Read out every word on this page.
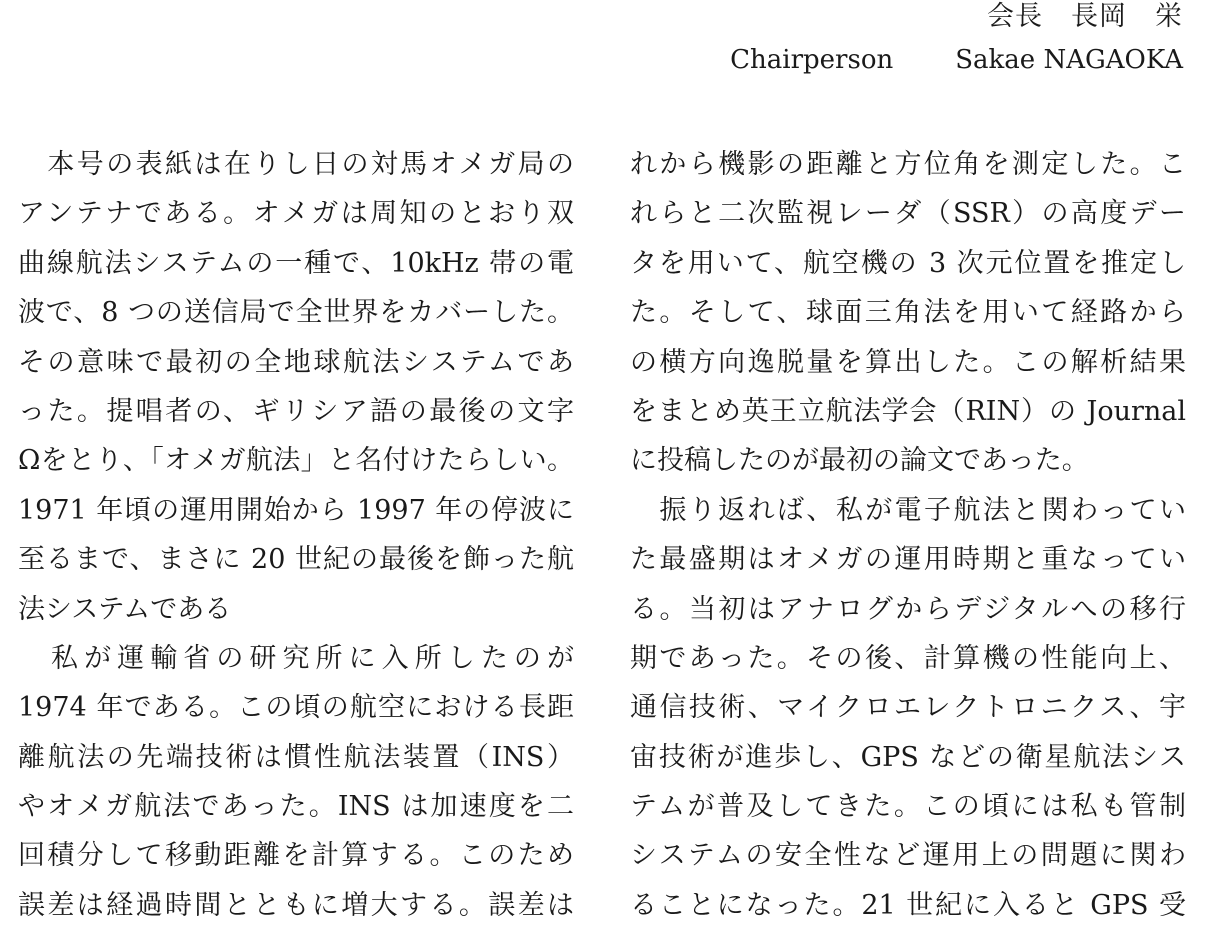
会長　長岡　栄
Chairperson Sakae NAGAOKA
　本号の表紙は在りし日の対馬オメガ局の
アンテナである。オメガは周知のとおり双
曲線航法システムの一種で、10kHz 帯の電
波で、8 つの送信局で全世界をカバーした。
その意味で最初の全地球航法システムであ
った。提唱者の、ギリシア語の最後の文字
Ωをとり、「オメガ航法」と名付けたらしい。
1971 年頃の運用開始から 1997 年の停波に
至るまで、まさに 20 世紀の最後を飾った航
法システムである
　私が運輸省の研究所に入所したのが
1974 年である。この頃の航空における長距
離航法の先端技術は慣性航法装置（INS）
やオメガ航法であった。INS は加速度を二
回積分して移動距離を計算する。このため
誤差は経過時間とともに増大する。誤差は
れから機影の距離と方位角を測定した。こ
れらと二次監視レーダ（SSR）の高度デー
タを用いて、航空機の 3 次元位置を推定し
た。そして、球面三角法を用いて経路から
の横方向逸脱量を算出した。この解析結果
をまとめ英王立航法学会（RIN）の Journal
に投稿したのが最初の論文であった。
　振り返れば、私が電子航法と関わってい
た最盛期はオメガの運用時期と重なってい
る。当初はアナログからデジタルへの移行
期であった。その後、計算機の性能向上、
通信技術、マイクロエレクトロニクス、宇
宙技術が進歩し、GPS などの衛星航法シス
テムが普及してきた。この頃には私も管制
システムの安全性など運用上の問題に関わ
ることになった。21 世紀に入ると GPS 受
